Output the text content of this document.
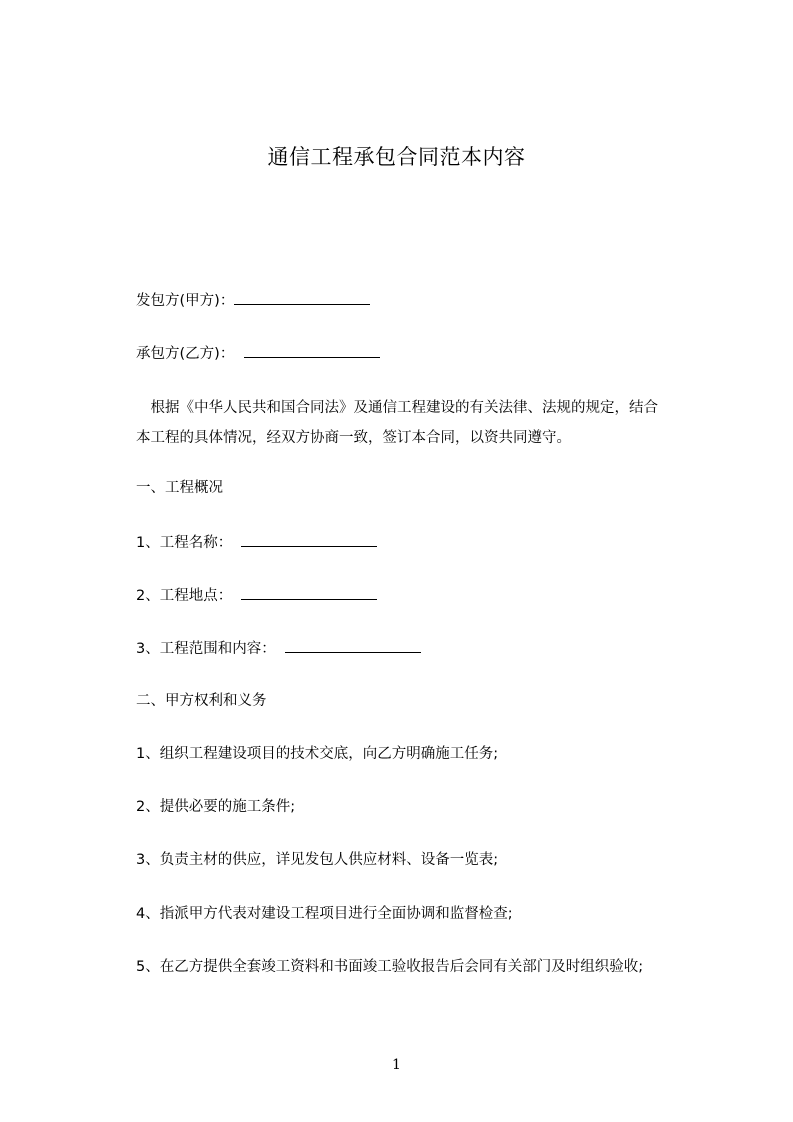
通信工程承包合同范本内容
发包方(甲方)：
承包方(乙方)：
　根据《中华人民共和国合同法》及通信工程建设的有关法律、法规的规定，结合
本工程的具体情况，经双方协商一致，签订本合同，以资共同遵守。
一、工程概况
1、工程名称：
2、工程地点：
3、工程范围和内容：
二、甲方权利和义务
1、组织工程建设项目的技术交底，向乙方明确施工任务;
2、提供必要的施工条件;
3、负责主材的供应，详见发包人供应材料、设备一览表;
4、指派甲方代表对建设工程项目进行全面协调和监督检查;
5、在乙方提供全套竣工资料和书面竣工验收报告后会同有关部门及时组织验收;
1
